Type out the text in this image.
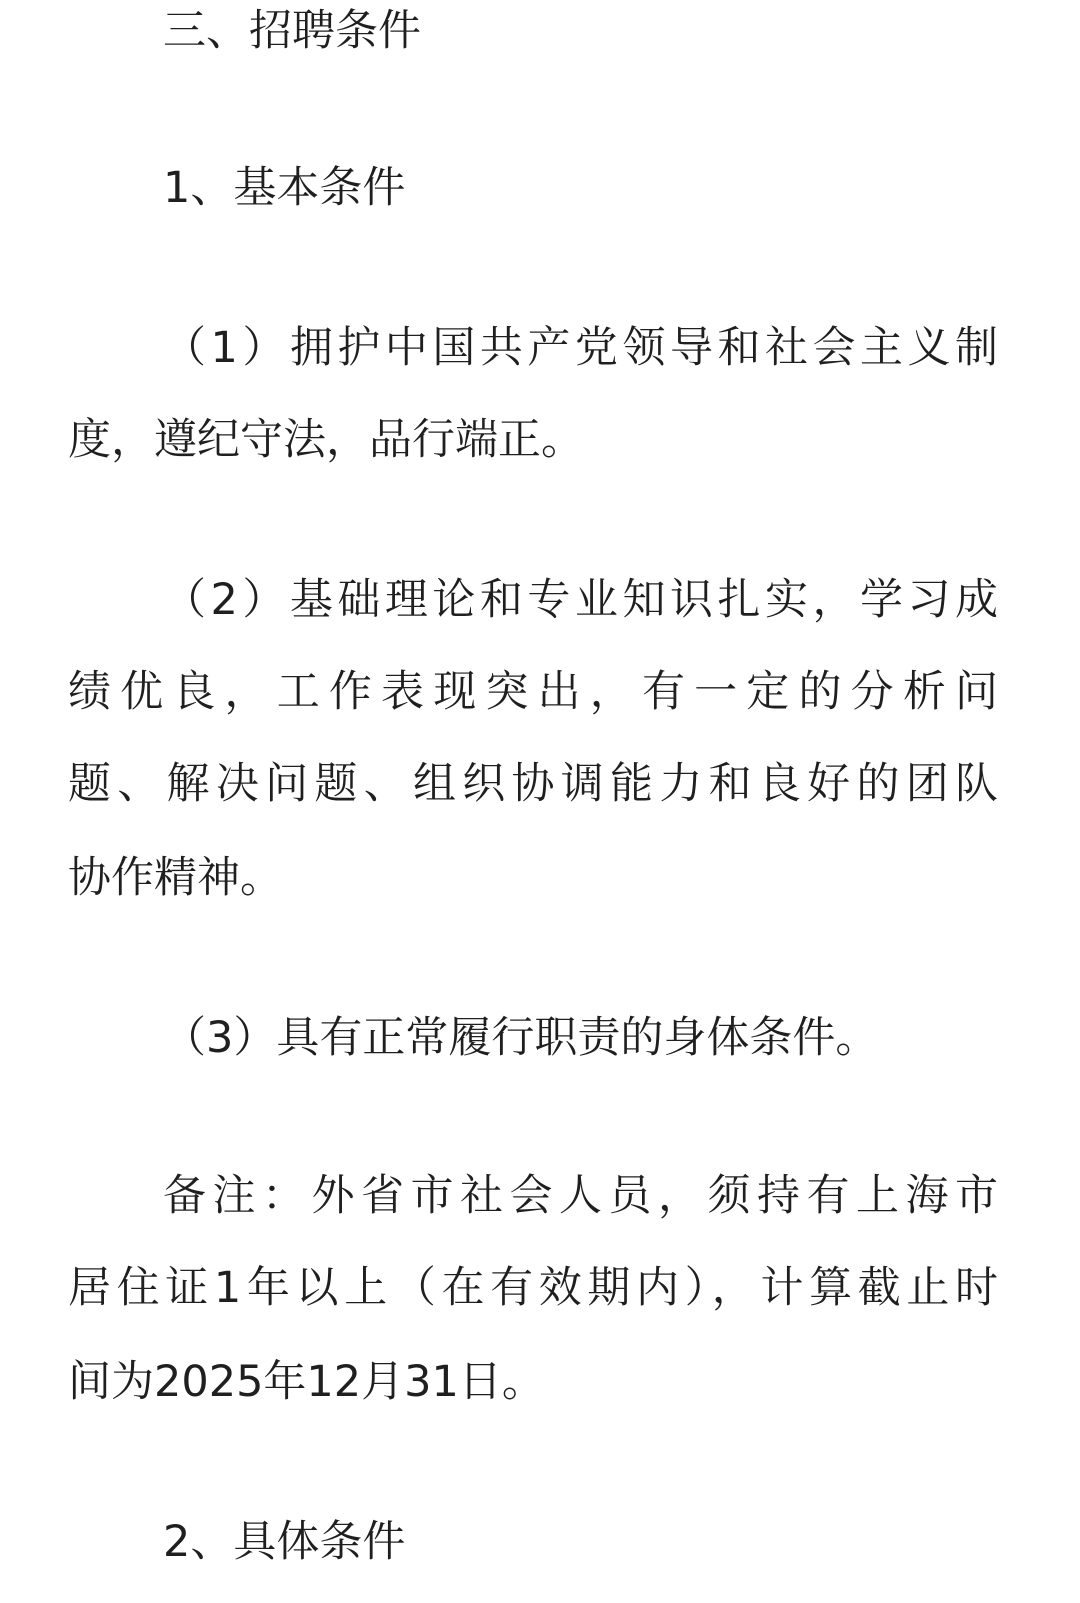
三、招聘条件

1、基本条件

（1）拥护中国共产党领导和社会主义制

度，遵纪守法，品行端正。

（2）基础理论和专业知识扎实，学习成

绩优良，工作表现突出，有一定的分析问

题、解决问题、组织协调能力和良好的团队

协作精神。

（3）具有正常履行职责的身体条件。

备注：外省市社会人员，须持有上海市

居住证1年以上（在有效期内），计算截止时

间为2025年12月31日。

2、具体条件
